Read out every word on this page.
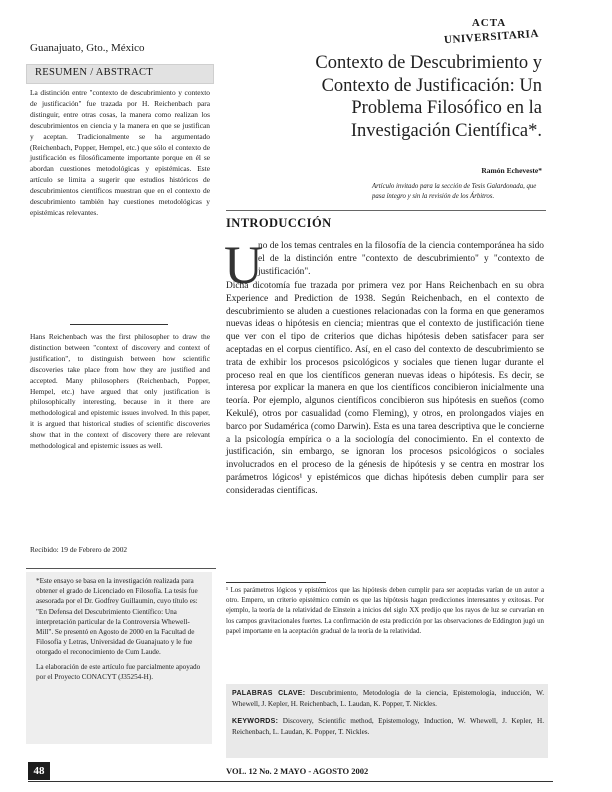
Guanajuato, Gto., México
ACTA
UNIVERSITARIA
RESUMEN / ABSTRACT
La distinción entre "contexto de descubrimiento y contexto de justificación" fue trazada por H. Reichenbach para distinguir, entre otras cosas, la manera como realizan los descubrimientos en ciencia y la manera en que se justifican y aceptan. Tradicionalmente se ha argumentado (Reichenbach, Popper, Hempel, etc.) que sólo el contexto de justificación es filosóficamente importante porque en él se abordan cuestiones metodológicas y epistémicas. Este artículo se limita a sugerir que estudios históricos de descubrimientos científicos muestran que en el contexto de descubrimiento también hay cuestiones metodológicas y epistémicas relevantes.
Hans Reichenbach was the first philosopher to draw the distinction between "context of discovery and context of justification", to distinguish between how scientific discoveries take place from how they are justified and accepted. Many philosophers (Reichenbach, Popper, Hempel, etc.) have argued that only justification is philosophically interesting, because in it there are methodological and epistemic issues involved. In this paper, it is argued that historical studies of scientific discoveries show that in the context of discovery there are relevant methodological and epistemic issues as well.
Recibido: 19 de Febrero de 2002

*Este ensayo se basa en la investigación realizada para obtener el grado de Licenciado en Filosofía. La tesis fue asesorada por el Dr. Godfrey Guillaumin, cuyo título es: "En Defensa del Descubrimiento Científico: Una interpretación particular de la Controversia Whewell-Mill". Se presentó en Agosto de 2000 en la Facultad de Filosofía y Letras, Universidad de Guanajuato y le fue otorgado el reconocimiento de Cum Laude.

La elaboración de este artículo fue parcialmente apoyado por el Proyecto CONACYT (J35254-H).

Contexto de Descubrimiento y
Contexto de Justificación: Un
Problema Filosófico en la
Investigación Científica*.
Ramón Echeveste*
Artículo invitado para la sección de Tesis Galardonada, que pasa íntegro y sin la revisión de los Árbitros.
INTRODUCCIÓN
U
no de los temas centrales en la filosofía de la ciencia contemporánea ha sido el de la distinción entre "contexto de descubrimiento" y "contexto de justificación".
Dicha dicotomía fue trazada por primera vez por Hans Reichenbach en su obra Experience and Prediction de 1938. Según Reichenbach, en el contexto de descubrimiento se aluden a cuestiones relacionadas con la forma en que generamos nuevas ideas o hipótesis en ciencia; mientras que el contexto de justificación tiene que ver con el tipo de criterios que dichas hipótesis deben satisfacer para ser aceptadas en el corpus científico. Así, en el caso del contexto de descubrimiento se trata de exhibir los procesos psicológicos y sociales que tienen lugar durante el proceso real en que los científicos generan nuevas ideas o hipótesis. Es decir, se interesa por explicar la manera en que los científicos concibieron inicialmente una teoría. Por ejemplo, algunos científicos concibieron sus hipótesis en sueños (como Kekulé), otros por casualidad (como Fleming), y otros, en prolongados viajes en barco por Sudamérica (como Darwin). Esta es una tarea descriptiva que le concierne a la psicología empírica o a la sociología del conocimiento. En el contexto de justificación, sin embargo, se ignoran los procesos psicológicos o sociales involucrados en el proceso de la génesis de hipótesis y se centra en mostrar los parámetros lógicos¹ y epistémicos que dichas hipótesis deben cumplir para ser consideradas científicas.
¹ Los parámetros lógicos y epistémicos que las hipótesis deben cumplir para ser aceptadas varían de un autor a otro. Empero, un criterio epistémico común es que las hipótesis hagan predicciones interesantes y exitosas. Por ejemplo, la teoría de la relatividad de Einstein a inicios del siglo XX predijo que los rayos de luz se curvarían en los campos gravitacionales fuertes. La confirmación de esta predicción por las observaciones de Eddington jugó un papel importante en la aceptación gradual de la teoría de la relatividad.
PALABRAS CLAVE: Descubrimiento, Metodología de la ciencia, Epistemología, inducción, W. Whewell, J. Kepler, H. Reichenbach, L. Laudan, K. Popper, T. Nickles.
KEYWORDS: Discovery, Scientific method, Epistemology, Induction, W. Whewell, J. Kepler, H. Reichenbach, L. Laudan, K. Popper, T. Nickles.
48	VOL. 12 No. 2 MAYO - AGOSTO 2002
